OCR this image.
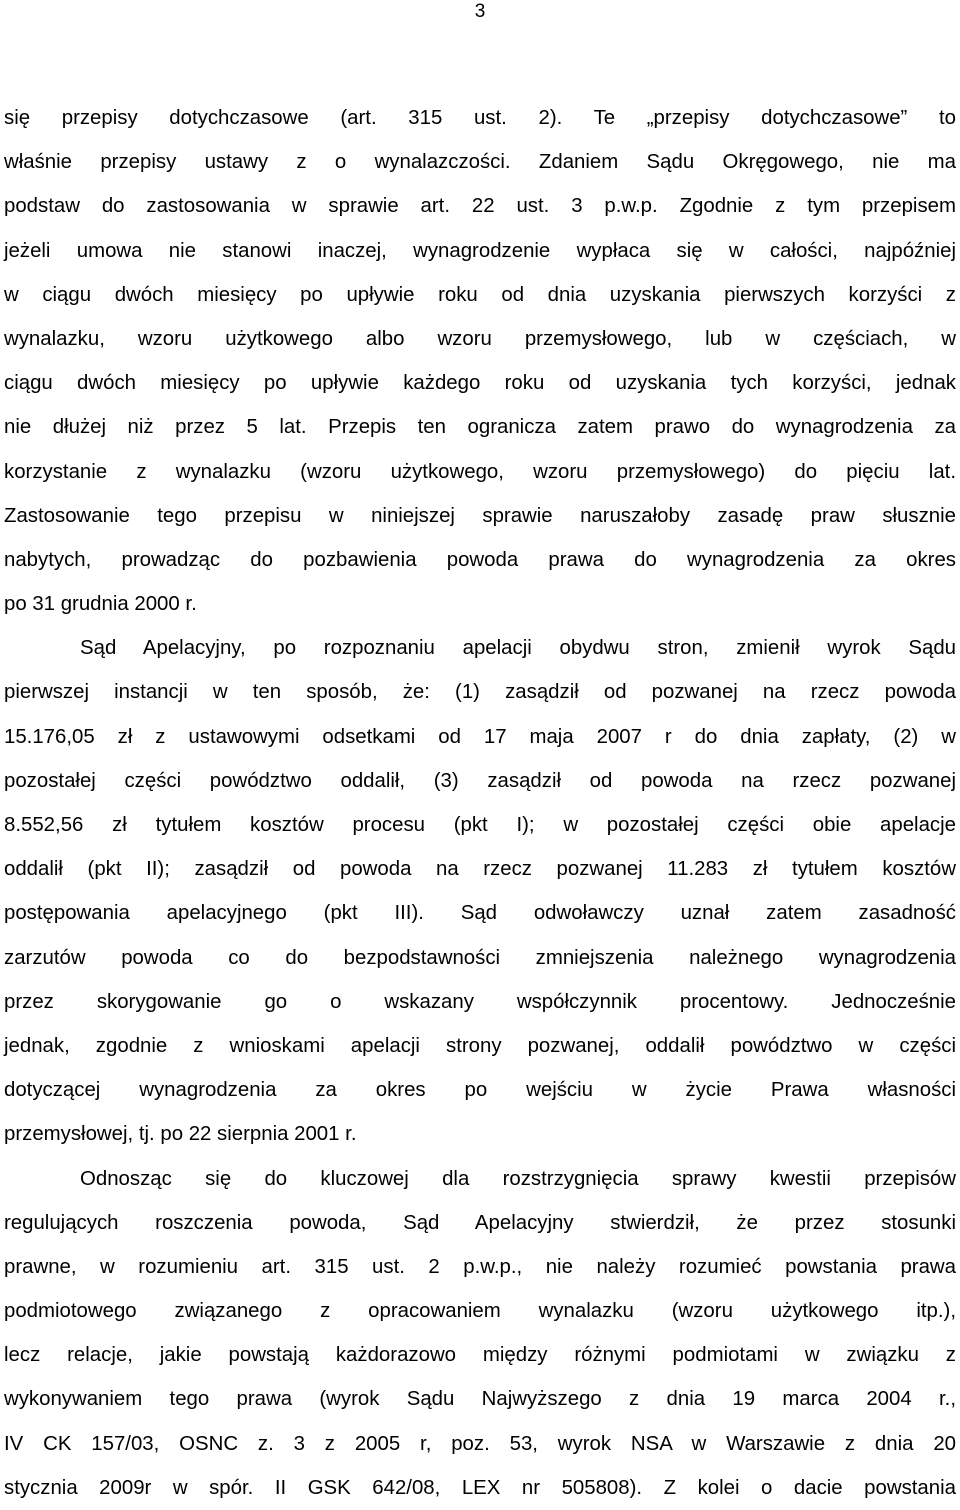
3
się przepisy dotychczasowe (art. 315 ust. 2). Te „przepisy dotychczasowe” to
właśnie przepisy ustawy z o wynalazczości. Zdaniem Sądu Okręgowego, nie ma
podstaw do zastosowania w sprawie art. 22 ust. 3 p.w.p. Zgodnie z tym przepisem
jeżeli umowa nie stanowi inaczej, wynagrodzenie wypłaca się w całości, najpóźniej
w ciągu dwóch miesięcy po upływie roku od dnia uzyskania pierwszych korzyści z
wynalazku, wzoru użytkowego albo wzoru przemysłowego, lub w częściach, w
ciągu dwóch miesięcy po upływie każdego roku od uzyskania tych korzyści, jednak
nie dłużej niż przez 5 lat. Przepis ten ogranicza zatem prawo do wynagrodzenia za
korzystanie z wynalazku (wzoru użytkowego, wzoru przemysłowego) do pięciu lat.
Zastosowanie tego przepisu w niniejszej sprawie naruszałoby zasadę praw słusznie
nabytych, prowadząc do pozbawienia powoda prawa do wynagrodzenia za okres
po 31 grudnia 2000 r.
Sąd Apelacyjny, po rozpoznaniu apelacji obydwu stron, zmienił wyrok Sądu
pierwszej instancji w ten sposób, że: (1) zasądził od pozwanej na rzecz powoda
15.176,05 zł z ustawowymi odsetkami od 17 maja 2007 r do dnia zapłaty, (2) w
pozostałej części powództwo oddalił, (3) zasądził od powoda na rzecz pozwanej
8.552,56 zł tytułem kosztów procesu (pkt I); w pozostałej części obie apelacje
oddalił (pkt II); zasądził od powoda na rzecz pozwanej 11.283 zł tytułem kosztów
postępowania apelacyjnego (pkt III). Sąd odwoławczy uznał zatem zasadność
zarzutów powoda co do bezpodstawności zmniejszenia należnego wynagrodzenia
przez skorygowanie go o wskazany współczynnik procentowy. Jednocześnie
jednak, zgodnie z wnioskami apelacji strony pozwanej, oddalił powództwo w części
dotyczącej wynagrodzenia za okres po wejściu w życie Prawa własności
przemysłowej, tj. po 22 sierpnia 2001 r.
Odnosząc się do kluczowej dla rozstrzygnięcia sprawy kwestii przepisów
regulujących roszczenia powoda, Sąd Apelacyjny stwierdził, że przez stosunki
prawne, w rozumieniu art. 315 ust. 2 p.w.p., nie należy rozumieć powstania prawa
podmiotowego związanego z opracowaniem wynalazku (wzoru użytkowego itp.),
lecz relacje, jakie powstają każdorazowo między różnymi podmiotami w związku z
wykonywaniem tego prawa (wyrok Sądu Najwyższego z dnia 19 marca 2004 r.,
IV CK 157/03, OSNC z. 3 z 2005 r, poz. 53, wyrok NSA w Warszawie z dnia 20
stycznia 2009r w spór. II GSK 642/08, LEX nr 505808). Z kolei o dacie powstania
